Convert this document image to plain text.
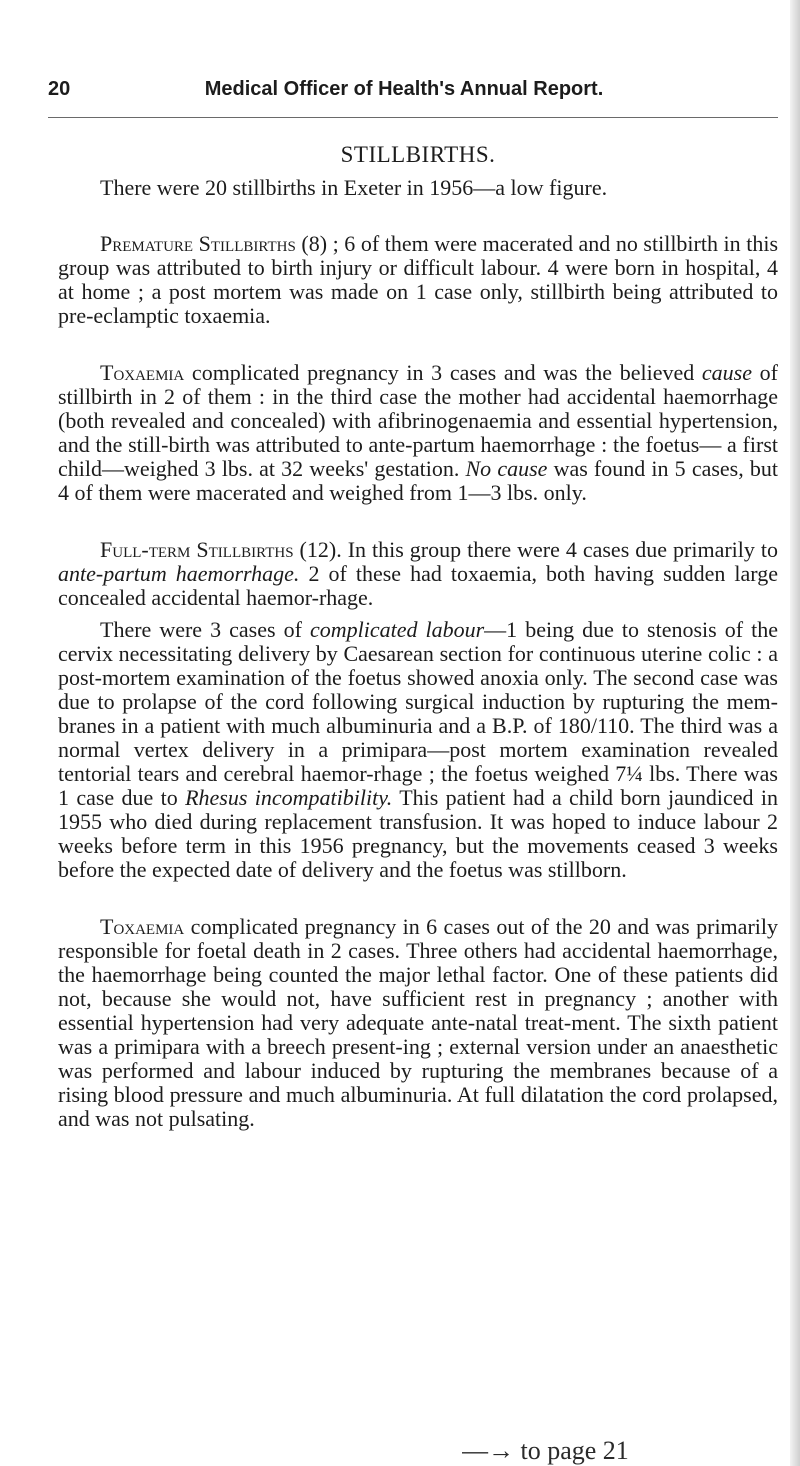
20	Medical Officer of Health's Annual Report.
STILLBIRTHS.

There were 20 stillbirths in Exeter in 1956—a low figure.

Premature Stillbirths (8) ; 6 of them were macerated and no stillbirth in this group was attributed to birth injury or difficult labour. 4 were born in hospital, 4 at home ; a post mortem was made on 1 case only, stillbirth being attributed to pre-eclamptic toxaemia.

Toxaemia complicated pregnancy in 3 cases and was the believed cause of stillbirth in 2 of them : in the third case the mother had accidental haemorrhage (both revealed and concealed) with afibrinogenaemia and essential hypertension, and the still-birth was attributed to ante-partum haemorrhage : the foetus— a first child—weighed 3 lbs. at 32 weeks' gestation. No cause was found in 5 cases, but 4 of them were macerated and weighed from 1—3 lbs. only.

Full-term Stillbirths (12). In this group there were 4 cases due primarily to ante-partum haemorrhage. 2 of these had toxaemia, both having sudden large concealed accidental haemor-rhage.

There were 3 cases of complicated labour—1 being due to stenosis of the cervix necessitating delivery by Caesarean section for continuous uterine colic : a post-mortem examination of the foetus showed anoxia only. The second case was due to prolapse of the cord following surgical induction by rupturing the mem-branes in a patient with much albuminuria and a B.P. of 180/110. The third was a normal vertex delivery in a primipara—post mortem examination revealed tentorial tears and cerebral haemor-rhage ; the foetus weighed 7¼ lbs. There was 1 case due to Rhesus incompatibility. This patient had a child born jaundiced in 1955 who died during replacement transfusion. It was hoped to induce labour 2 weeks before term in this 1956 pregnancy, but the movements ceased 3 weeks before the expected date of delivery and the foetus was stillborn.

Toxaemia complicated pregnancy in 6 cases out of the 20 and was primarily responsible for foetal death in 2 cases. Three others had accidental haemorrhage, the haemorrhage being counted the major lethal factor. One of these patients did not, because she would not, have sufficient rest in pregnancy ; another with essential hypertension had very adequate ante-natal treat-ment. The sixth patient was a primipara with a breech present-ing ; external version under an anaesthetic was performed and labour induced by rupturing the membranes because of a rising blood pressure and much albuminuria. At full dilatation the cord prolapsed, and was not pulsating.

—→ to page 21
